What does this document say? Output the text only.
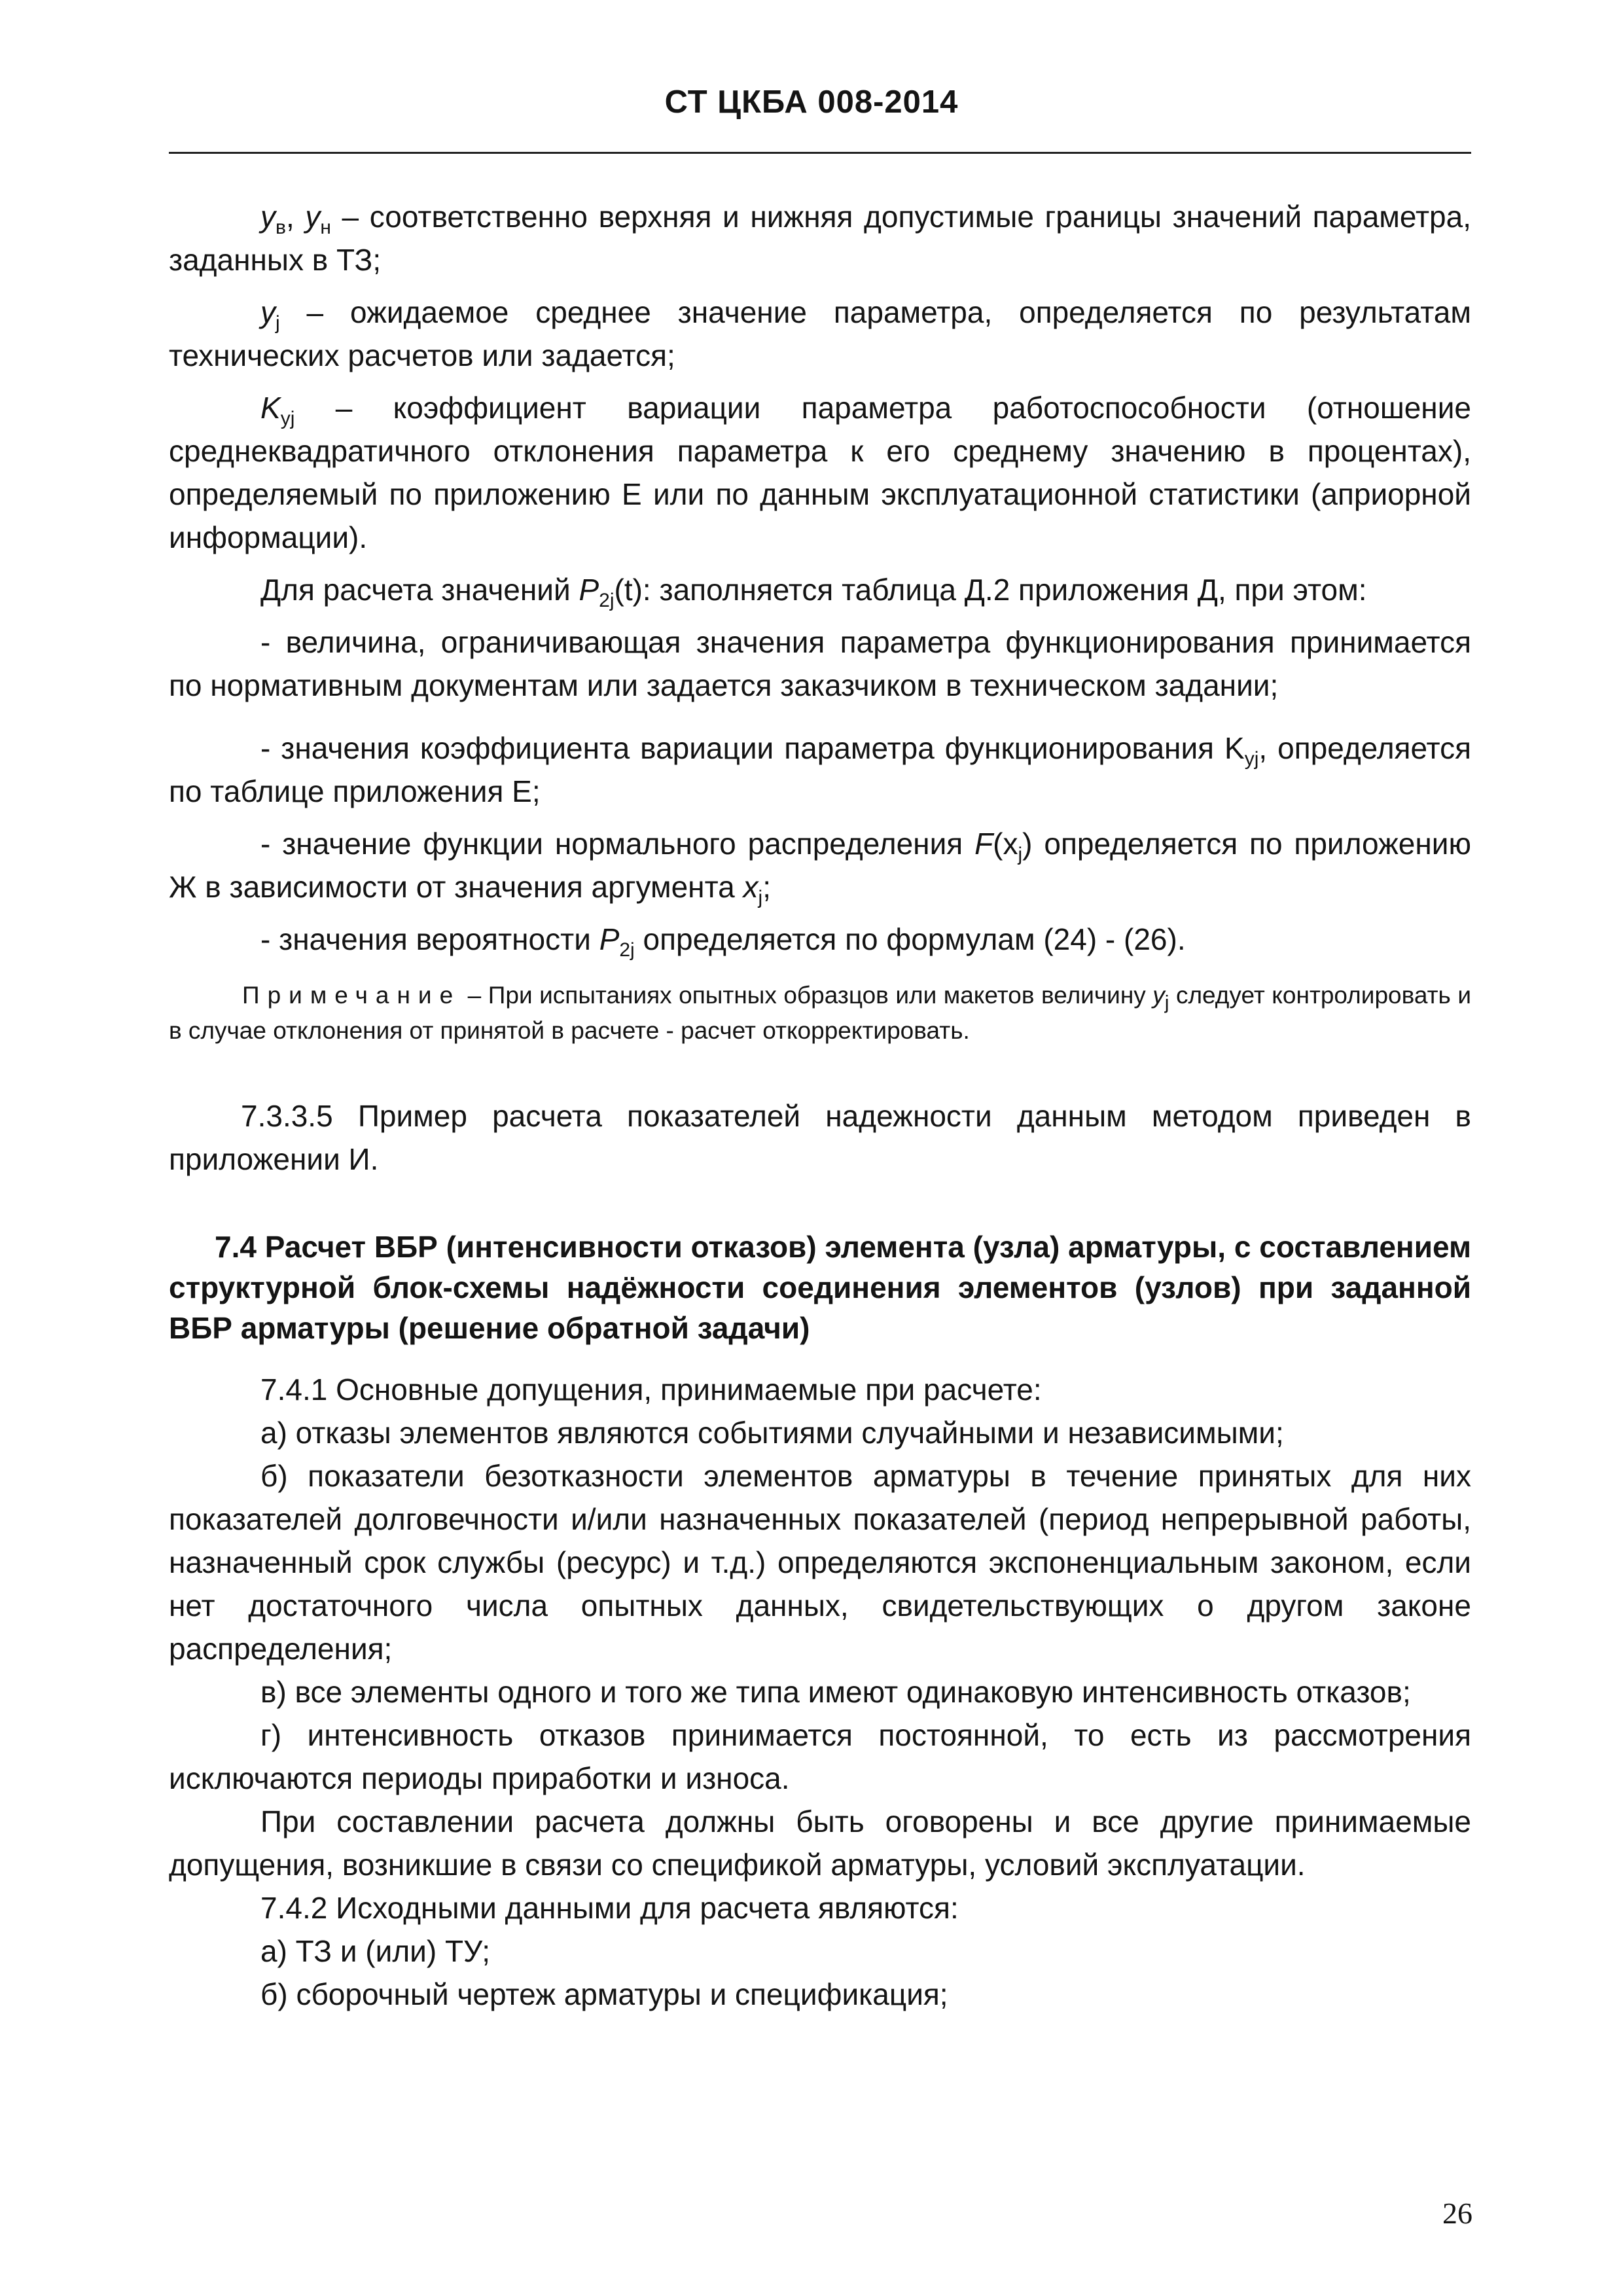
СТ ЦКБА 008-2014

$y_в$, $y_н$ – соответственно верхняя и нижняя допустимые границы значений параметра, заданных в ТЗ;

$y_j$ – ожидаемое среднее значение параметра, определяется по результатам технических расчетов или задается;

$K_{yj}$ – коэффициент вариации параметра работоспособности (отношение среднеквадратичного отклонения параметра к его среднему значению в процентах), определяемый по приложению Е или по данным эксплуатационной статистики (априорной информации).

Для расчета значений $P_{2j}(t)$: заполняется таблица Д.2 приложения Д, при этом:

- величина, ограничивающая значения параметра функционирования принимается по нормативным документам или задается заказчиком в техническом задании;

- значения коэффициента вариации параметра функционирования $K_{yj}$, определяется по таблице приложения Е;

- значение функции нормального распределения $F(x_j)$ определяется по приложению Ж в зависимости от значения аргумента $x_j$;

- значения вероятности $P_{2j}$ определяется по формулам (24) - (26).

Примечание – При испытаниях опытных образцов или макетов величину $y_j$ следует контролировать и в случае отклонения от принятой в расчете - расчет откорректировать.

7.3.3.5 Пример расчета показателей надежности данным методом приведен в приложении И.

7.4 Расчет ВБР (интенсивности отказов) элемента (узла) арматуры, с составлением структурной блок-схемы надёжности соединения элементов (узлов) при заданной ВБР арматуры (решение обратной задачи)

7.4.1 Основные допущения, принимаемые при расчете:

а) отказы элементов являются событиями случайными и независимыми;

б) показатели безотказности элементов арматуры в течение принятых для них показателей долговечности и/или назначенных показателей (период непрерывной работы, назначенный срок службы (ресурс) и т.д.) определяются экспоненциальным законом, если нет достаточного числа опытных данных, свидетельствующих о другом законе распределения;

в) все элементы одного и того же типа имеют одинаковую интенсивность отказов;

г) интенсивность отказов принимается постоянной, то есть из рассмотрения исключаются периоды приработки и износа.

При составлении расчета должны быть оговорены и все другие принимаемые допущения, возникшие в связи со спецификой арматуры, условий эксплуатации.

7.4.2 Исходными данными для расчета являются:

а) ТЗ и (или) ТУ;

б) сборочный чертеж арматуры и спецификация;

26
